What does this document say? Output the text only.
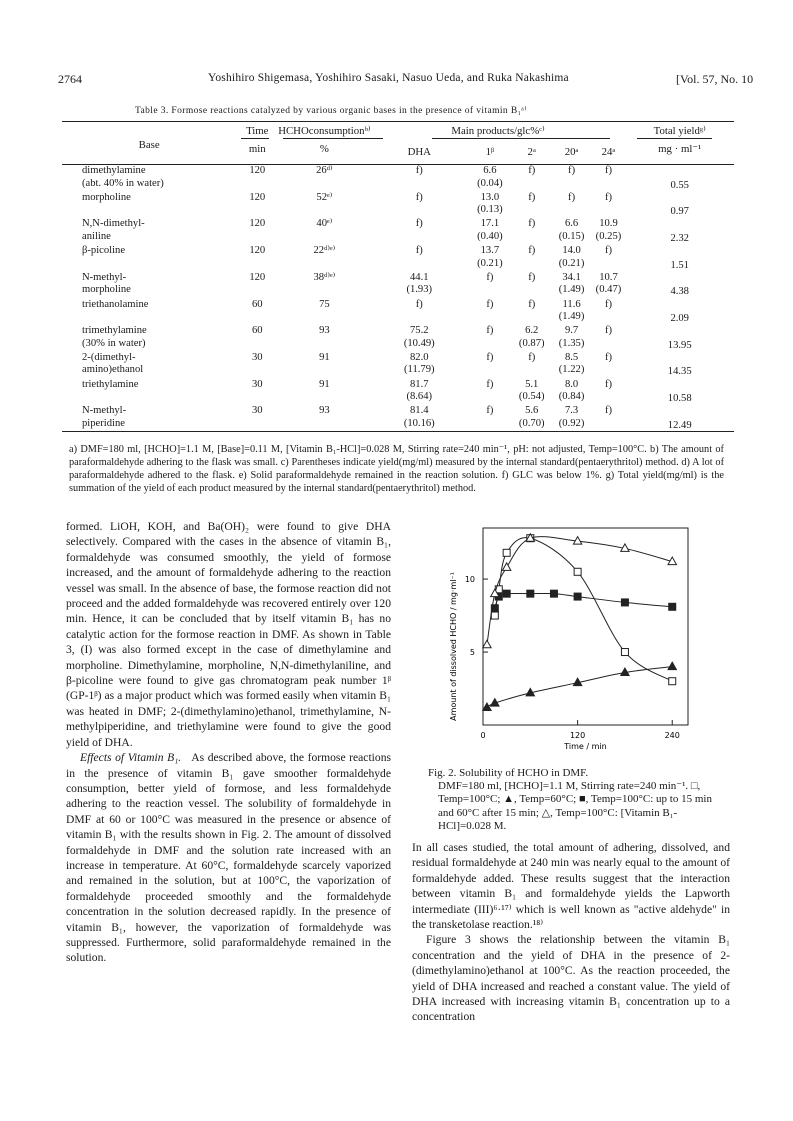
2764	Yoshihiro Shigemasa, Yoshihiro Sasaki, Nasuo Ueda, and Ruka Nakashima	[Vol. 57, No. 10
Table 3. Formose reactions catalyzed by various organic bases in the presence of vitamin B₁ᵃ⁾
Base	Time	HCHOconsumptionᵇ⁾	Main products/glc%ᶜ⁾					Total yieldᵍ⁾
	min	%	DHA	1ᵝ	2ᵃ	20ᵃ	24ᵃ	mg · ml⁻¹
dimethylamine	120	26ᵈ⁾	f)	6.6	f)	f)	f)	
(abt. 40% in water)				(0.04)				0.55
morpholine	120	52ᵉ⁾	f)	13.0	f)	f)	f)	
				(0.13)				0.97
N,N-dimethyl-	120	40ᵉ⁾	f)	17.1	f)	6.6	10.9	
aniline				(0.40)		(0.15)	(0.25)	2.32
β-picoline	120	22ᵈ⁾ᵉ⁾	f)	13.7	f)	14.0	f)	
				(0.21)		(0.21)		1.51
N-methyl-	120	38ᵈ⁾ᵉ⁾	44.1	f)	f)	34.1	10.7	
morpholine			(1.93)			(1.49)	(0.47)	4.38
triethanolamine	60	75	f)	f)	f)	11.6	f)	
						(1.49)		2.09
trimethylamine	60	93	75.2	f)	6.2	9.7	f)	
(30% in water)			(10.49)		(0.87)	(1.35)		13.95
2-(dimethyl-	30	91	82.0	f)	f)	8.5	f)	
amino)ethanol			(11.79)			(1.22)		14.35
triethylamine	30	91	81.7	f)	5.1	8.0	f)	
			(8.64)		(0.54)	(0.84)		10.58
N-methyl-	30	93	81.4	f)	5.6	7.3	f)	
piperidine			(10.16)		(0.70)	(0.92)		12.49
a) DMF=180 ml, [HCHO]=1.1 M, [Base]=0.11 M, [Vitamin B₁-HCl]=0.028 M, Stirring rate=240 min⁻¹, pH: not adjusted, Temp=100°C. b) The amount of paraformaldehyde adhering to the flask was small. c) Parentheses indicate yield(mg/ml) measured by the internal standard(pentaerythritol) method. d) A lot of paraformaldehyde adhered to the flask. e) Solid paraformaldehyde remained in the reaction solution. f) GLC was below 1%. g) Total yield(mg/ml) is the summation of the yield of each product measured by the internal standard(pentaerythritol) method.

formed. LiOH, KOH, and Ba(OH)₂ were found to give DHA selectively. Compared with the cases in the absence of vitamin B₁, formaldehyde was consumed smoothly, the yield of formose increased, and the amount of formaldehyde adhering to the reaction vessel was small. In the absence of base, the formose reaction did not proceed and the added formaldehyde was recovered entirely over 120 min. Hence, it can be concluded that by itself vitamin B₁ has no catalytic action for the formose reaction in DMF. As shown in Table 3, (I) was also formed except in the case of dimethylamine and morpholine. Dimethylamine, morpholine, N,N-dimethylaniline, and β-picoline were found to give gas chromatogram peak number 1ᵝ (GP-1ᵝ) as a major product which was formed easily when vitamin B₁ was heated in DMF; 2-(dimethylamino)ethanol, trimethylamine, N-methylpiperidine, and triethylamine were found to give the good yield of DHA.

Effects of Vitamin B₁. As described above, the formose reactions in the presence of vitamin B₁ gave smoother formaldehyde consumption, better yield of formose, and less formaldehyde adhering to the reaction vessel. The solubility of formaldehyde in DMF at 60 or 100°C was measured in the presence or absence of vitamin B₁ with the results shown in Fig. 2. The amount of dissolved formaldehyde in DMF and the solution rate increased with an increase in temperature. At 60°C, formaldehyde scarcely vaporized and remained in the solution, but at 100°C, the vaporization of formaldehyde proceeded smoothly and the formaldehyde concentration in the solution decreased rapidly. In the presence of vitamin B₁, however, the vaporization of formaldehyde was suppressed. Furthermore, solid paraformaldehyde remained in the solution.

5
10
0	120	240
Time / min
Amount of dissolved HCHO / mg·ml⁻¹
Fig. 2. Solubility of HCHO in DMF.
DMF=180 ml, [HCHO]=1.1 M, Stirring rate=240 min⁻¹. □, Temp=100°C; ▲, Temp=60°C; ■, Temp=100°C: up to 15 min and 60°C after 15 min; △, Temp=100°C: [Vitamin B₁-HCl]=0.028 M.

In all cases studied, the total amount of adhering, dissolved, and residual formaldehyde at 240 min was nearly equal to the amount of formaldehyde added. These results suggest that the interaction between vitamin B₁ and formaldehyde yields the Lapworth intermediate (III)⁶·¹⁷⁾ which is well known as "active aldehyde" in the transketolase reaction.¹⁸⁾

Figure 3 shows the relationship between the vitamin B₁ concentration and the yield of DHA in the presence of 2-(dimethylamino)ethanol at 100°C. As the reaction proceeded, the yield of DHA increased and reached a constant value. The yield of DHA increased with increasing vitamin B₁ concentration up to a concentration
